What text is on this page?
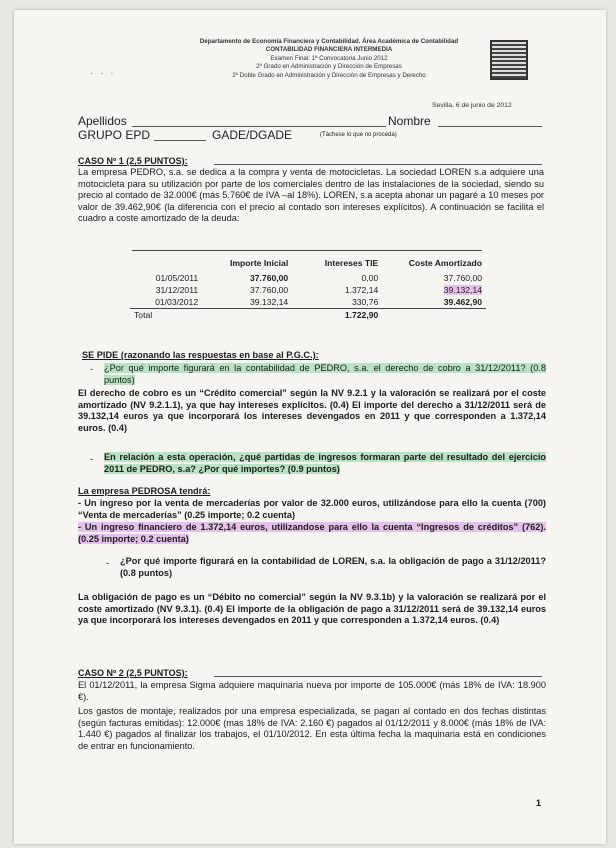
Departamento de Economía Financiera y Contabilidad. Área Académica de Contabilidad
CONTABILIDAD FINANCIERA INTERMEDIA
Examen Final: 1ª Convocatoria Junio 2012
2º Grado en Administración y Dirección de Empresas
2º Doble Grado en Administración y Dirección de Empresas y Derecho
· · ·
Sevilla, 6 de junio de 2012
Apellidos	Nombre
GRUPO EPD	GADE/DGADE	(Táchese lo que no proceda)
CASO Nº 1 (2,5 PUNTOS):
La empresa PEDRO, s.a. se dedica a la compra y venta de motocicletas. La sociedad LOREN s.a adquiere una motocicleta para su utilización por parte de los comerciales dentro de las instalaciones de la sociedad, siendo su precio al contado de 32.000€ (más 5.760€ de IVA –al 18%). LOREN, s.a acepta abonar un pagaré a 10 meses por valor de 39.462,90€ (la diferencia con el precio al contado son intereses explícitos). A continuación se facilita el cuadro a coste amortizado de la deuda:
	Importe Inicial	Intereses TIE	Coste Amortizado

01/05/2011	37.760,00	0,00	37.760,00
31/12/2011	37.760,00	1.372,14	39.132,14
01/03/2012	39.132,14	330,76	39.462,90
Total		1.722,90	
SE PIDE (razonando las respuestas en base al P.G.C.):
- ¿Por qué importe figurará en la contabilidad de PEDRO, s.a. el derecho de cobro a 31/12/2011? (0.8 puntos)
El derecho de cobro es un “Crédito comercial” según la NV 9.2.1 y la valoración se realizará por el coste amortizado (NV 9.2.1.1), ya que hay intereses explícitos. (0.4) El importe del derecho a 31/12/2011 será de 39.132,14 euros ya que incorporará los intereses devengados en 2011 y que corresponden a 1.372,14 euros. (0.4)
- En relación a esta operación, ¿qué partidas de ingresos formaran parte del resultado del ejercicio 2011 de PEDRO, s.a? ¿Por qué importes? (0.9 puntos)
La empresa PEDROSA tendrá:
- Un ingreso por la venta de mercaderías por valor de 32.000 euros, utilizándose para ello la cuenta (700) “Venta de mercaderías” (0.25 importe; 0.2 cuenta)
- Un ingreso financiero de 1.372,14 euros, utilizandose para ello la cuenta “Ingresos de créditos” (762). (0.25 importe; 0.2 cuenta)
- ¿Por qué importe figurará en la contabilidad de LOREN, s.a. la obligación de pago a 31/12/2011? (0.8 puntos)
La obligación de pago es un “Débito no comercial” según la NV 9.3.1b) y la valoración se realizará por el coste amortizado (NV 9.3.1). (0.4) El importe de la obligación de pago a 31/12/2011 será de 39.132,14 euros ya que incorporará los intereses devengados en 2011 y que corresponden a 1.372,14 euros. (0.4)
CASO Nº 2 (2,5 PUNTOS):
El 01/12/2011, la empresa Sigma adquiere maquinaria nueva por importe de 105.000€ (más 18% de IVA: 18.900 €).
Los gastos de montaje, realizados por una empresa especializada, se pagan al contado en dos fechas distintas (según facturas emitidas): 12.000€ (mas 18% de IVA: 2.160 €) pagados al 01/12/2011 y 8.000€ (más 18% de IVA: 1.440 €) pagados al finalizar los trabajos, el 01/10/2012. En esta última fecha la maquinaria está en condiciones de entrar en funcionamiento.
1
